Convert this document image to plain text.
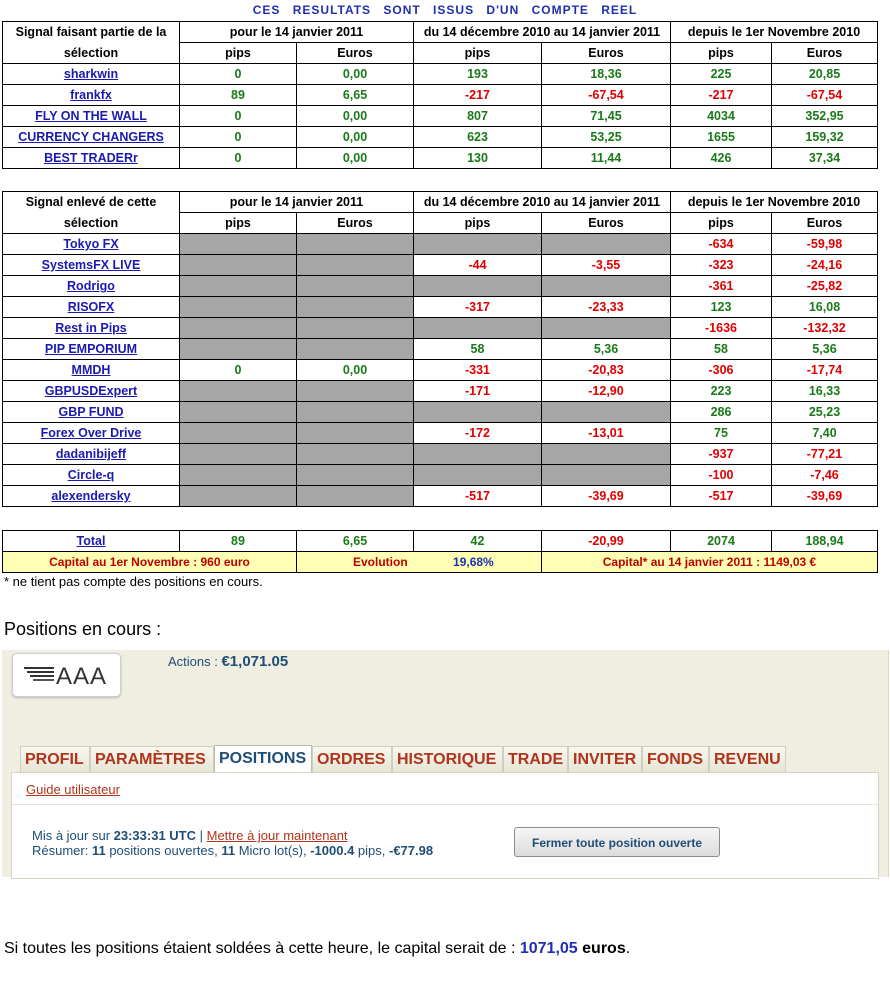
CES RESULTATS SONT ISSUS D'UN COMPTE REEL
Signal faisant partie de la	pour le 14 janvier 2011		du 14 décembre 2010 au 14 janvier 2011		depuis le 1er Novembre 2010	
sélection	pips	Euros	pips	Euros	pips	Euros
sharkwin	0	0,00	193	18,36	225	20,85
frankfx	89	6,65	-217	-67,54	-217	-67,54
FLY ON THE WALL	0	0,00	807	71,45	4034	352,95
CURRENCY CHANGERS	0	0,00	623	53,25	1655	159,32
BEST TRADERr	0	0,00	130	11,44	426	37,34
Signal enlevé de cette	pour le 14 janvier 2011		du 14 décembre 2010 au 14 janvier 2011		depuis le 1er Novembre 2010	
sélection	pips	Euros	pips	Euros	pips	Euros
Tokyo FX					-634	-59,98
SystemsFX LIVE			-44	-3,55	-323	-24,16
Rodrigo					-361	-25,82
RISOFX			-317	-23,33	123	16,08
Rest in Pips					-1636	-132,32
PIP EMPORIUM			58	5,36	58	5,36
MMDH	0	0,00	-331	-20,83	-306	-17,74
GBPUSDExpert			-171	-12,90	223	16,33
GBP FUND					286	25,23
Forex Over Drive			-172	-13,01	75	7,40
dadanibijeff					-937	-77,21
Circle-q					-100	-7,46
alexendersky			-517	-39,69	-517	-39,69
Total	89	6,65	42	-20,99	2074	188,94
Capital au 1er Novembre : 960 euro		Evolution 19,68%		Capital* au 14 janvier 2011 : 1149,03 €		
* ne tient pas compte des positions en cours.
Positions en cours :
AAA
Actions : €1,071.05
PROFIL PARAMÈTRES POSITIONS ORDRES HISTORIQUE TRADE INVITER FONDS REVENU
Guide utilisateur
Mis à jour sur 23:33:31 UTC | Mettre à jour maintenant
Résumer: 11 positions ouvertes, 11 Micro lot(s), -1000.4 pips, -€77.98	Fermer toute position ouverte
Si toutes les positions étaient soldées à cette heure, le capital serait de : 1071,05 euros.
